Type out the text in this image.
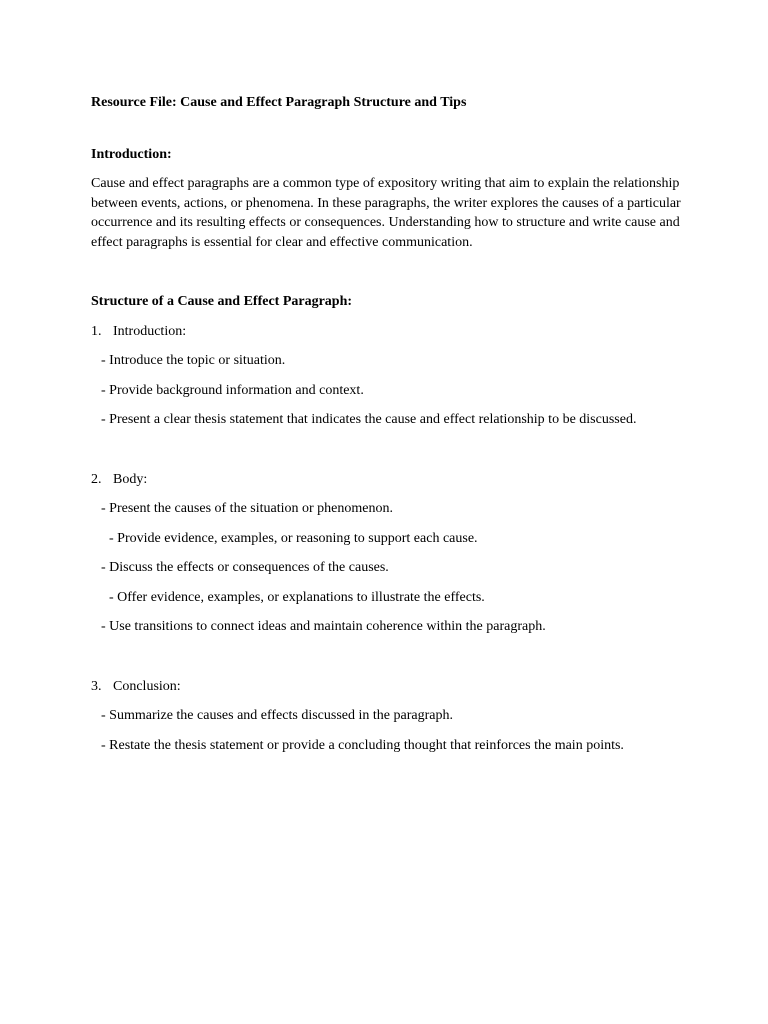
Resource File: Cause and Effect Paragraph Structure and Tips

Introduction:

Cause and effect paragraphs are a common type of expository writing that aim to explain the relationship between events, actions, or phenomena. In these paragraphs, the writer explores the causes of a particular occurrence and its resulting effects or consequences. Understanding how to structure and write cause and effect paragraphs is essential for clear and effective communication.

Structure of a Cause and Effect Paragraph:

1. Introduction:

- Introduce the topic or situation.

- Provide background information and context.

- Present a clear thesis statement that indicates the cause and effect relationship to be discussed.

2. Body:

- Present the causes of the situation or phenomenon.

- Provide evidence, examples, or reasoning to support each cause.

- Discuss the effects or consequences of the causes.

- Offer evidence, examples, or explanations to illustrate the effects.

- Use transitions to connect ideas and maintain coherence within the paragraph.

3. Conclusion:

- Summarize the causes and effects discussed in the paragraph.

- Restate the thesis statement or provide a concluding thought that reinforces the main points.
